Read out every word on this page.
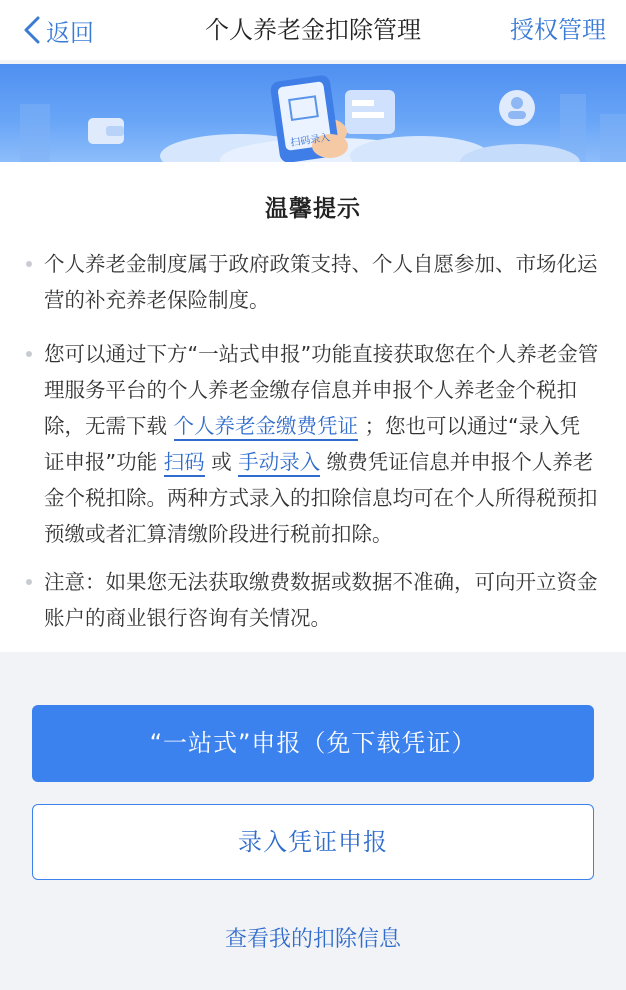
返回	个人养老金扣除管理	授权管理
扫码录入
温馨提示
个人养老金制度属于政府政策支持、个人自愿参加、市场化运营的补充养老保险制度。
您可以通过下方“一站式申报”功能直接获取您在个人养老金管理服务平台的个人养老金缴存信息并申报个人养老金个税扣除，无需下载 个人养老金缴费凭证 ；您也可以通过“录入凭证申报”功能 扫码 或 手动录入 缴费凭证信息并申报个人养老金个税扣除。两种方式录入的扣除信息均可在个人所得税预扣预缴或者汇算清缴阶段进行税前扣除。
注意：如果您无法获取缴费数据或数据不准确，可向开立资金账户的商业银行咨询有关情况。
“一站式”申报（免下载凭证）
录入凭证申报
查看我的扣除信息
